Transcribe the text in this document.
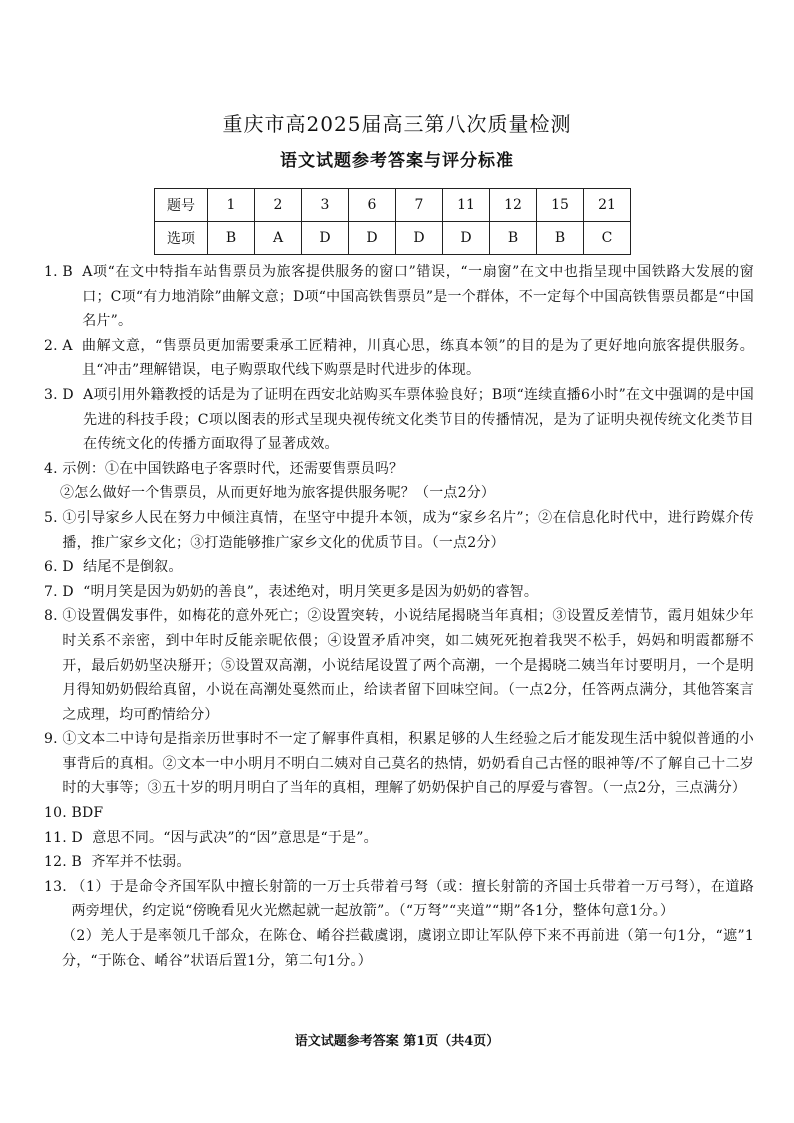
重庆市高2025届高三第八次质量检测
语文试题参考答案与评分标准
题号	1	2	3	6	7	11	12	15	21
选项	B	A	D	D	D	D	B	B	C
1. B A项“在文中特指车站售票员为旅客提供服务的窗口”错误，“一扇窗”在文中也指呈现中国铁路大发展的窗口；C项“有力地消除”曲解文意；D项“中国高铁售票员”是一个群体，不一定每个中国高铁售票员都是“中国名片”。
2. A 曲解文意，“售票员更加需要秉承工匠精神，川真心思，练真本领”的目的是为了更好地向旅客提供服务。且“冲击”理解错误，电子购票取代线下购票是时代进步的体现。
3. D A项引用外籍教授的话是为了证明在西安北站购买车票体验良好；B项“连续直播6小时”在文中强调的是中国先进的科技手段；C项以图表的形式呈现央视传统文化类节目的传播情况，是为了证明央视传统文化类节目在传统文化的传播方面取得了显著成效。
4. 示例：①在中国铁路电子客票时代，还需要售票员吗？
②怎么做好一个售票员，从而更好地为旅客提供服务呢？（一点2分）
5. ①引导家乡人民在努力中倾注真情，在坚守中提升本领，成为“家乡名片”；②在信息化时代中，进行跨媒介传播，推广家乡文化；③打造能够推广家乡文化的优质节目。（一点2分）
6. D 结尾不是倒叙。
7. D “明月笑是因为奶奶的善良”，表述绝对，明月笑更多是因为奶奶的睿智。
8. ①设置偶发事件，如梅花的意外死亡；②设置突转，小说结尾揭晓当年真相；③设置反差情节，霞月姐妹少年时关系不亲密，到中年时反能亲昵依偎；④设置矛盾冲突，如二姨死死抱着我哭不松手，妈妈和明霞都掰不开，最后奶奶坚决掰开；⑤设置双高潮，小说结尾设置了两个高潮，一个是揭晓二姨当年讨要明月，一个是明月得知奶奶假给真留，小说在高潮处戛然而止，给读者留下回味空间。（一点2分，任答两点满分，其他答案言之成理，均可酌情给分）
9. ①文本二中诗句是指亲历世事时不一定了解事件真相，积累足够的人生经验之后才能发现生活中貌似普通的小事背后的真相。②文本一中小明月不明白二姨对自己莫名的热情，奶奶看自己古怪的眼神等/不了解自己十二岁时的大事等；③五十岁的明月明白了当年的真相，理解了奶奶保护自己的厚爱与睿智。（一点2分，三点满分）
10. BDF
11. D 意思不同。“因与武决”的“因”意思是“于是”。
12. B 齐军并不怯弱。
13. （1）于是命令齐国军队中擅长射箭的一万士兵带着弓弩（或：擅长射箭的齐国士兵带着一万弓弩），在道路两旁埋伏，约定说“傍晚看见火光燃起就一起放箭”。（“万弩”“夹道”“期”各1分，整体句意1分。）
（2）羌人于是率领几千部众，在陈仓、崤谷拦截虞诩，虞诩立即让军队停下来不再前进（第一句1分，“遮”1分，“于陈仓、崤谷”状语后置1分，第二句1分。）
语文试题参考答案 第1页（共4页）
